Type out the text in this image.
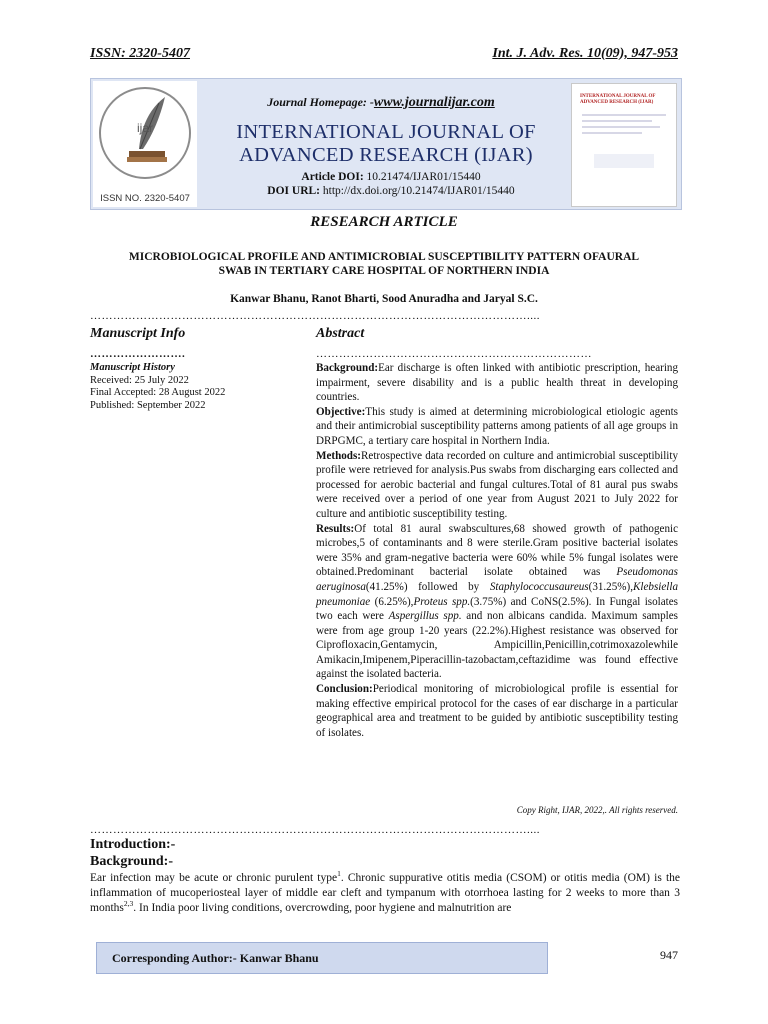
ISSN: 2320-5407	Int. J. Adv. Res. 10(09), 947-953
ijar
ISSN NO. 2320-5407
Journal Homepage: -www.journalijar.com
INTERNATIONAL JOURNAL OF
ADVANCED RESEARCH (IJAR)
Article DOI: 10.21474/IJAR01/15440
DOI URL: http://dx.doi.org/10.21474/IJAR01/15440
INTERNATIONAL JOURNAL OF ADVANCED RESEARCH (IJAR)
RESEARCH ARTICLE
MICROBIOLOGICAL PROFILE AND ANTIMICROBIAL SUSCEPTIBILITY PATTERN OFAURAL
SWAB IN TERTIARY CARE HOSPITAL OF NORTHERN INDIA
Kanwar Bhanu, Ranot Bharti, Sood Anuradha and Jaryal S.C.
……………………………………………………………………………………………………....
Manuscript Info
…………………….
Manuscript History
Received: 25 July 2022
Final Accepted: 28 August 2022
Published: September 2022
Abstract
………………………………………………………………

Background:Ear discharge is often linked with antibiotic prescription, hearing impairment, severe disability and is a public health threat in developing countries.

Objective:This study is aimed at determining microbiological etiologic agents and their antimicrobial susceptibility patterns among patients of all age groups in DRPGMC, a tertiary care hospital in Northern India.

Methods:Retrospective data recorded on culture and antimicrobial susceptibility profile were retrieved for analysis.Pus swabs from discharging ears collected and processed for aerobic bacterial and fungal cultures.Total of 81 aural pus swabs were received over a period of one year from August 2021 to July 2022 for culture and antibiotic susceptibility testing.

Results:Of total 81 aural swabscultures,68 showed growth of pathogenic microbes,5 of contaminants and 8 were sterile.Gram positive bacterial isolates were 35% and gram-negative bacteria were 60% while 5% fungal isolates were obtained.Predominant bacterial isolate obtained was Pseudomonas aeruginosa(41.25%) followed by Staphylococcusaureus(31.25%),Klebsiella pneumoniae (6.25%),Proteus spp.(3.75%) and CoNS(2.5%). In Fungal isolates two each were Aspergillus spp. and non albicans candida. Maximum samples were from age group 1-20 years (22.2%).Highest resistance was observed for Ciprofloxacin,Gentamycin, Ampicillin,Penicillin,cotrimoxazolewhile Amikacin,Imipenem,Piperacillin-tazobactam,ceftazidime was found effective against the isolated bacteria.

Conclusion:Periodical monitoring of microbiological profile is essential for making effective empirical protocol for the cases of ear discharge in a particular geographical area and treatment to be guided by antibiotic susceptibility testing of isolates.

Copy Right, IJAR, 2022,. All rights reserved.
……………………………………………………………………………………………………....
Introduction:-
Background:-
Ear infection may be acute or chronic purulent type$^1$. Chronic suppurative otitis media (CSOM) or otitis media (OM) is the inflammation of mucoperiosteal layer of middle ear cleft and tympanum with otorrhoea lasting for 2 weeks to more than 3 months$^{2,3}$. In India poor living conditions, overcrowding, poor hygiene and malnutrition are
Corresponding Author:- Kanwar Bhanu	947
